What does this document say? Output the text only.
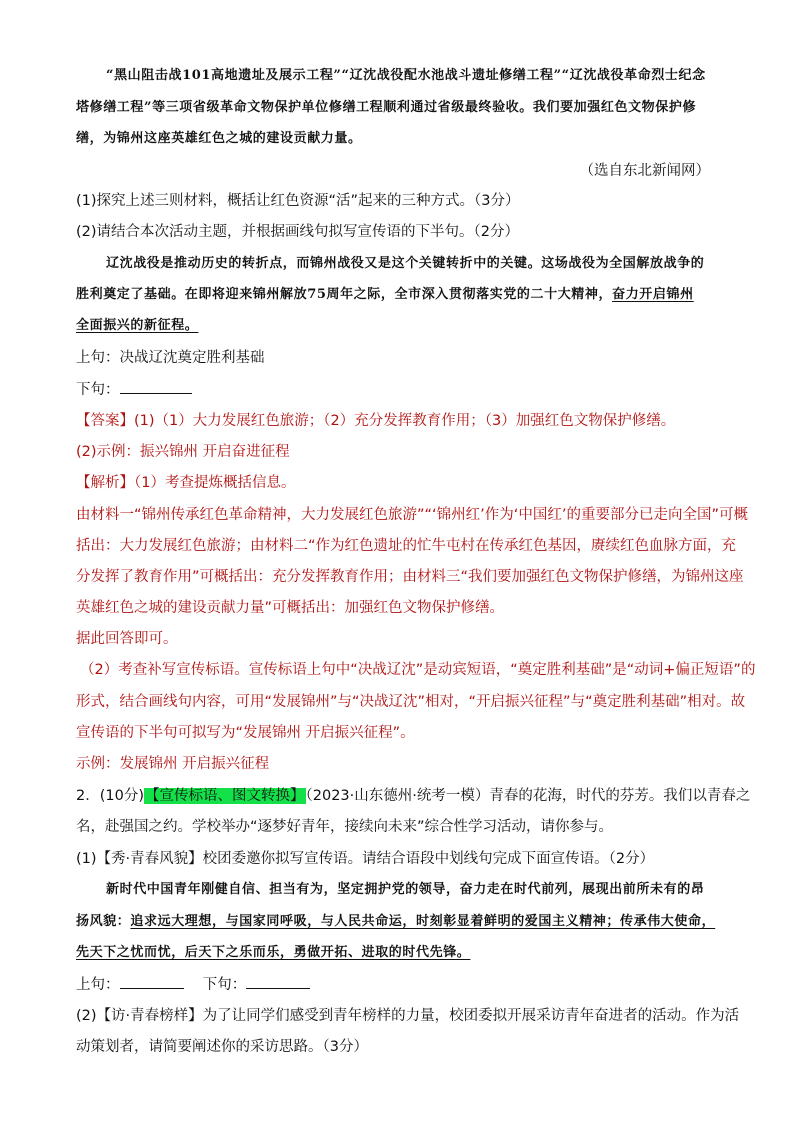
“黑山阻击战101高地遗址及展示工程”“辽沈战役配水池战斗遗址修缮工程”“辽沈战役革命烈士纪念
塔修缮工程”等三项省级革命文物保护单位修缮工程顺利通过省级最终验收。我们要加强红色文物保护修
缮，为锦州这座英雄红色之城的建设贡献力量。
（选自东北新闻网）
(1)探究上述三则材料，概括让红色资源“活”起来的三种方式。（3分）
(2)请结合本次活动主题，并根据画线句拟写宣传语的下半句。（2分）
辽沈战役是推动历史的转折点，而锦州战役又是这个关键转折中的关键。这场战役为全国解放战争的
胜利奠定了基础。在即将迎来锦州解放75周年之际，全市深入贯彻落实党的二十大精神，奋力开启锦州
全面振兴的新征程。
上句：决战辽沈奠定胜利基础
下句：
【答案】(1)（1）大力发展红色旅游；（2）充分发挥教育作用；（3）加强红色文物保护修缮。
(2)示例：振兴锦州 开启奋进征程
【解析】（1）考查提炼概括信息。
由材料一“锦州传承红色革命精神，大力发展红色旅游”“‘锦州红’作为‘中国红’的重要部分已走向全国”可概
括出：大力发展红色旅游；由材料二“作为红色遗址的忙牛屯村在传承红色基因，赓续红色血脉方面，充
分发挥了教育作用”可概括出：充分发挥教育作用；由材料三“我们要加强红色文物保护修缮，为锦州这座
英雄红色之城的建设贡献力量”可概括出：加强红色文物保护修缮。
据此回答即可。
（2）考查补写宣传标语。宣传标语上句中“决战辽沈”是动宾短语，“奠定胜利基础”是“动词+偏正短语”的
形式，结合画线句内容，可用“发展锦州”与“决战辽沈”相对，“开启振兴征程”与“奠定胜利基础”相对。故
宣传语的下半句可拟写为“发展锦州 开启振兴征程”。
示例：发展锦州 开启振兴征程
2．(10分)【宣传标语、图文转换】（2023·山东德州·统考一模）青春的花海，时代的芬芳。我们以青春之
名，赴强国之约。学校举办“逐梦好青年，接续向未来”综合性学习活动，请你参与。
(1)【秀·青春风貌】校团委邀你拟写宣传语。请结合语段中划线句完成下面宣传语。（2分）
新时代中国青年刚健自信、担当有为，坚定拥护党的领导，奋力走在时代前列，展现出前所未有的昂
扬风貌：追求远大理想，与国家同呼吸，与人民共命运，时刻彰显着鲜明的爱国主义精神；传承伟大使命，
先天下之忧而忧，后天下之乐而乐，勇做开拓、进取的时代先锋。
上句：	下句：
(2)【访·青春榜样】为了让同学们感受到青年榜样的力量，校团委拟开展采访青年奋进者的活动。作为活
动策划者，请简要阐述你的采访思路。（3分）
